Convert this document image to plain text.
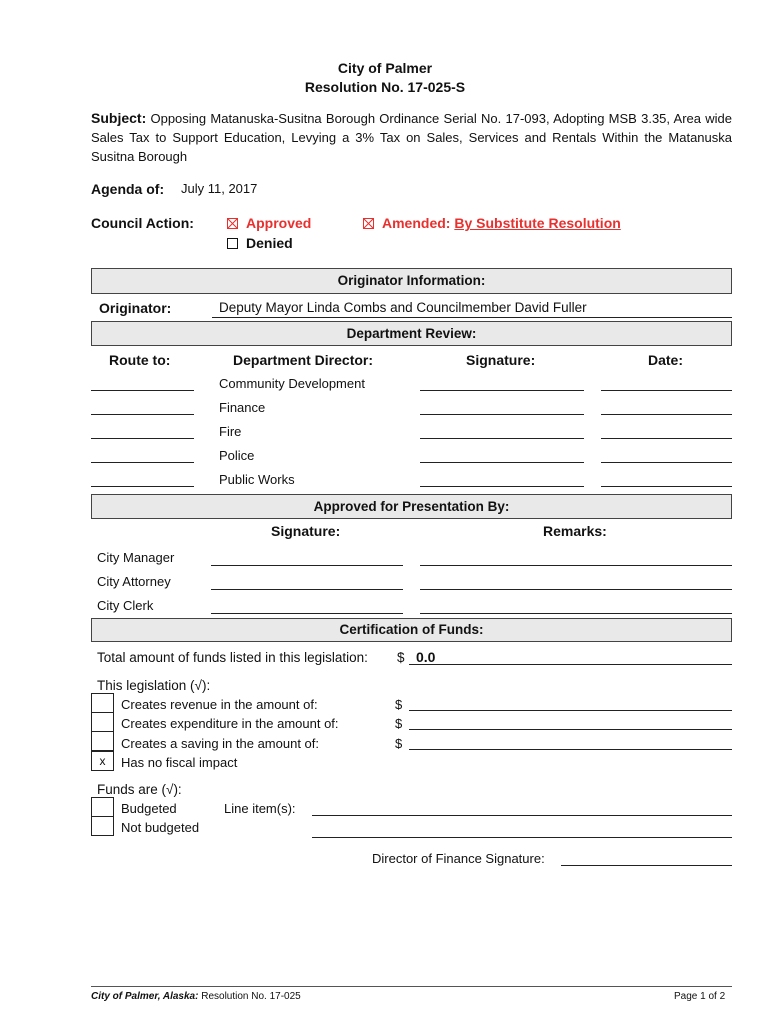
City of Palmer
Resolution No. 17-025-S
Subject: Opposing Matanuska-Susitna Borough Ordinance Serial No. 17-093, Adopting MSB 3.35, Area wide Sales Tax to Support Education, Levying a 3% Tax on Sales, Services and Rentals Within the Matanuska Susitna Borough
Agenda of: July 11, 2017
Council Action:	Approved
Denied
Amended: By Substitute Resolution
Originator Information:
Originator:	Deputy Mayor Linda Combs and Councilmember David Fuller
Department Review:
Route to:	Department Director:	Signature:	Date:
Community Development
Finance
Fire
Police
Public Works
Approved for Presentation By:
Signature:	Remarks:
City Manager
City Attorney
City Clerk
Certification of Funds:
Total amount of funds listed in this legislation: $ 0.0
This legislation (√):
Creates revenue in the amount of:	$
Creates expenditure in the amount of:	$
Creates a saving in the amount of:	$
x	Has no fiscal impact
Funds are (√):
Budgeted
Not budgeted
Line item(s):
Director of Finance Signature:
City of Palmer, Alaska: Resolution No. 17-025	Page 1 of 2
